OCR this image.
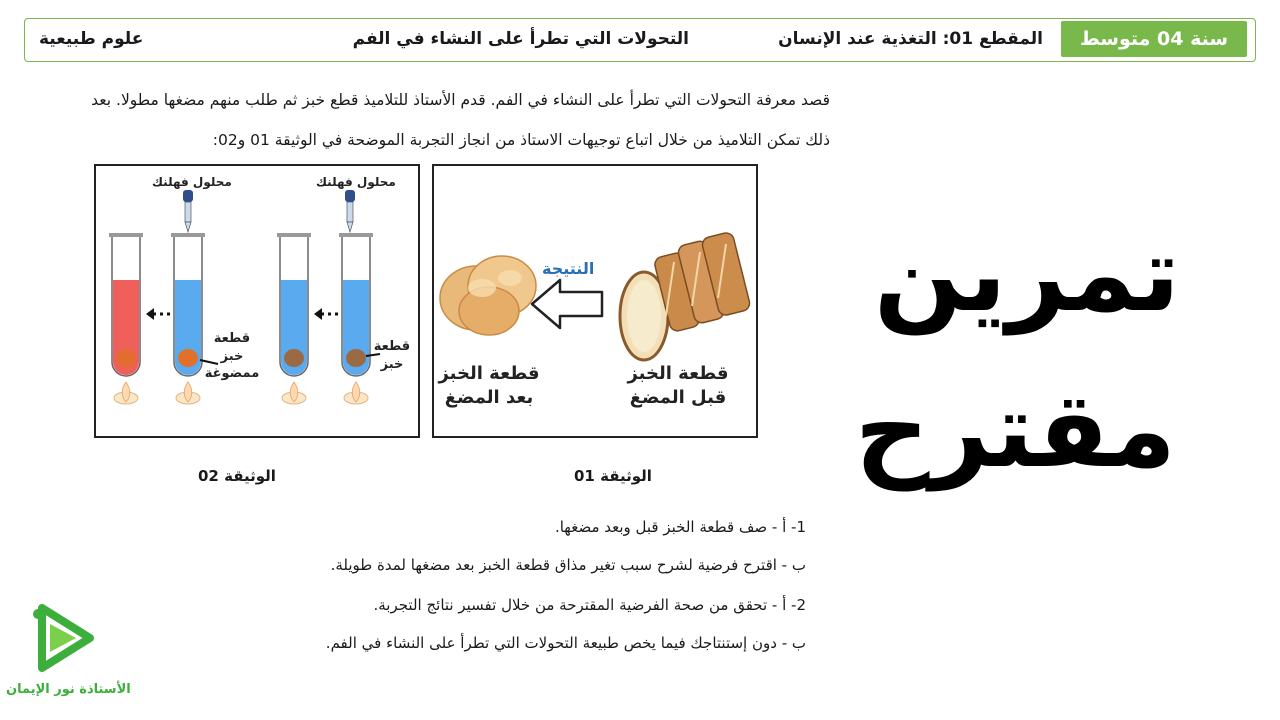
سنة 04 متوسط
المقطع 01: التغذية عند الإنسان
التحولات التي تطرأ على النشاء في الفم
علوم طبيعية
قصد معرفة التحولات التي تطرأ على النشاء في الفم. قدم الأستاذ للتلاميذ قطع خبز ثم طلب منهم مضغها مطولا. بعد
ذلك تمكن التلاميذ من خلال اتباع توجيهات الاستاذ من انجاز التجربة الموضحة في الوثيقة 01 و02:
النتيجة
قطعة الخبز
قبل المضغ
قطعة الخبز
بعد المضغ
الوثيقة 01
محلول فهلنك	محلول فهلنك
قطعة
خبز
ممضوغة
قطعة
خبز
الوثيقة 02
1- أ - صف قطعة الخبز قبل وبعد مضغها.
ب - اقترح فرضية لشرح سبب تغير مذاق قطعة الخبز بعد مضغها لمدة طويلة.
2- أ - تحقق من صحة الفرضية المقترحة من خلال تفسير نتائج التجربة.
ب - دون إستنتاجك فيما يخص طبيعة التحولات التي تطرأ على النشاء في الفم.
تمرين
مقترح
الأستاذة نور الإيمان
